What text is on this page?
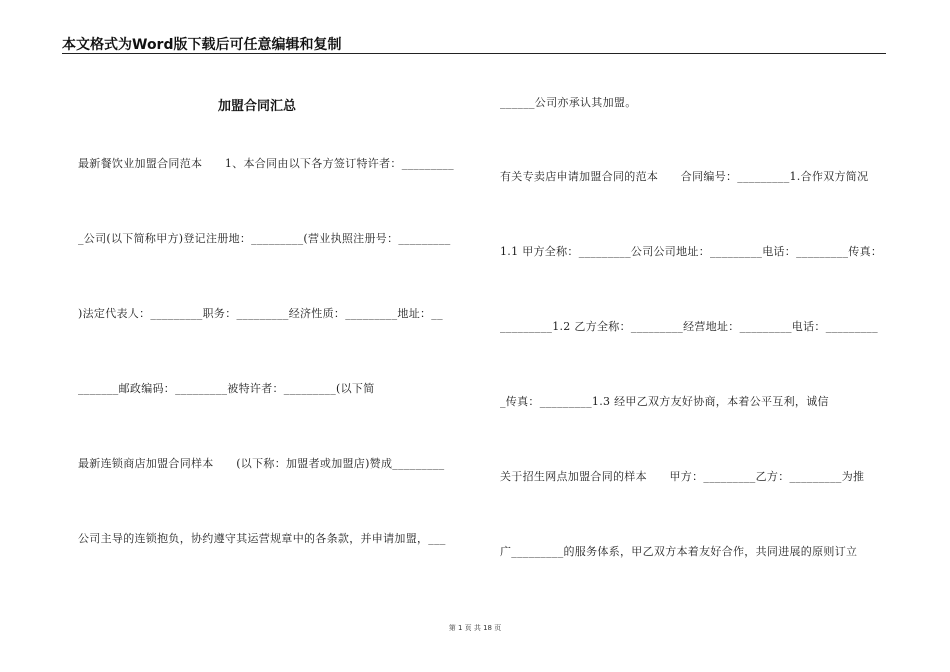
本文格式为Word版下载后可任意编辑和复制
加盟合同汇总
最新餐饮业加盟合同范本　　1、本合同由以下各方签订特许者：_________
_公司(以下简称甲方)登记注册地：_________(营业执照注册号：_________
)法定代表人：_________职务：_________经济性质：_________地址：__
_______邮政编码：_________被特许者：_________(以下简
最新连锁商店加盟合同样本　　(以下称：加盟者或加盟店)赞成_________
公司主导的连锁抱负，协约遵守其运营规章中的各条款，并申请加盟，___
______公司亦承认其加盟。
有关专卖店申请加盟合同的范本　　合同编号：_________1.合作双方简况
1.1 甲方全称：_________公司公司地址：_________电话：_________传真：
_________1.2 乙方全称：_________经营地址：_________电话：_________
_传真：_________1.3 经甲乙双方友好协商，本着公平互利，诚信
关于招生网点加盟合同的样本　　甲方：_________乙方：_________为推
广_________的服务体系，甲乙双方本着友好合作，共同进展的原则订立
第 1 页 共 18 页
